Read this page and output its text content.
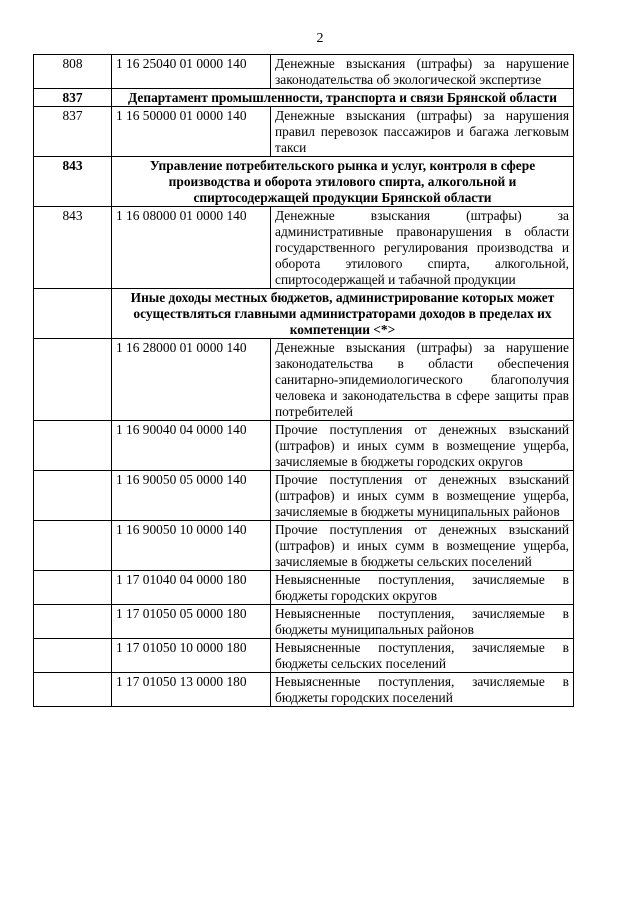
2
808	1 16 25040 01 0000 140	Денежные взыскания (штрафы) за нарушение законодательства об экологической экспертизе
837	Департамент промышленности, транспорта и связи Брянской области	
837	1 16 50000 01 0000 140	Денежные взыскания (штрафы) за нарушения правил перевозок пассажиров и багажа легковым такси
843	Управление потребительского рынка и услуг, контроля в сфере производства и оборота этилового спирта, алкогольной и спиртосодержащей продукции Брянской области	
843	1 16 08000 01 0000 140	Денежные взыскания (штрафы) за административные правонарушения в области государственного регулирования производства и оборота этилового спирта, алкогольной, спиртосодержащей и табачной продукции
	Иные доходы местных бюджетов, администрирование которых может осуществляться главными администраторами доходов в пределах их компетенции <*>	
	1 16 28000 01 0000 140	Денежные взыскания (штрафы) за нарушение законодательства в области обеспечения санитарно-эпидемиологического благополучия человека и законодательства в сфере защиты прав потребителей
	1 16 90040 04 0000 140	Прочие поступления от денежных взысканий (штрафов) и иных сумм в возмещение ущерба, зачисляемые в бюджеты городских округов
	1 16 90050 05 0000 140	Прочие поступления от денежных взысканий (штрафов) и иных сумм в возмещение ущерба, зачисляемые в бюджеты муниципальных районов
	1 16 90050 10 0000 140	Прочие поступления от денежных взысканий (штрафов) и иных сумм в возмещение ущерба, зачисляемые в бюджеты сельских поселений
	1 17 01040 04 0000 180	Невыясненные поступления, зачисляемые в бюджеты городских округов
	1 17 01050 05 0000 180	Невыясненные поступления, зачисляемые в бюджеты муниципальных районов
	1 17 01050 10 0000 180	Невыясненные поступления, зачисляемые в бюджеты сельских поселений
	1 17 01050 13 0000 180	Невыясненные поступления, зачисляемые в бюджеты городских поселений
